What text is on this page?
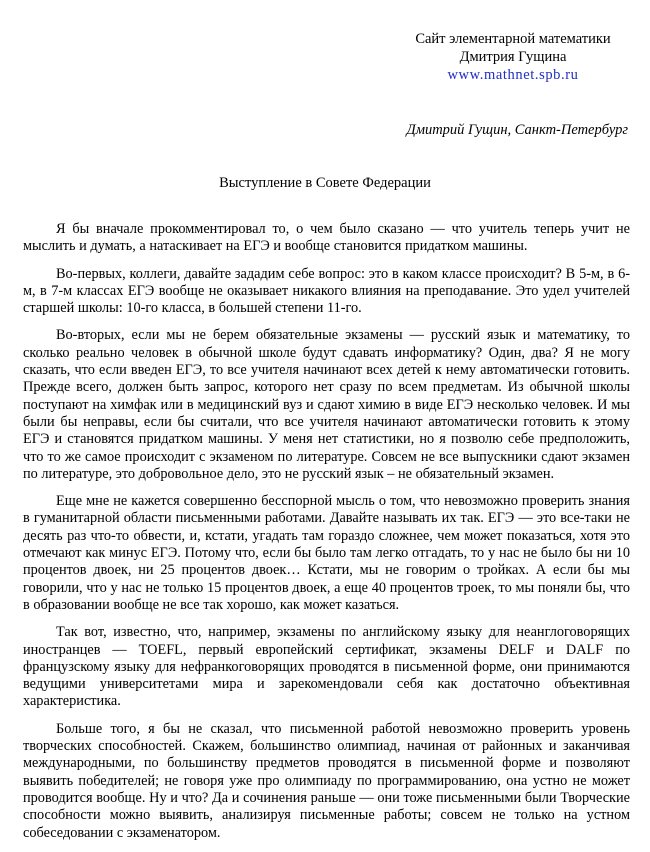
Сайт элементарной математики
Дмитрия Гущина
www.mathnet.spb.ru
Дмитрий Гущин, Санкт-Петербург
Выступление в Совете Федерации

Я бы вначале прокомментировал то, о чем было сказано — что учитель теперь учит не мыслить и думать, а натаскивает на ЕГЭ и вообще становится придатком машины.

Во-первых, коллеги, давайте зададим себе вопрос: это в каком классе происходит? В 5-м, в 6-м, в 7-м классах ЕГЭ вообще не оказывает никакого влияния на преподавание. Это удел учителей старшей школы: 10-го класса, в большей степени 11-го.

Во-вторых, если мы не берем обязательные экзамены — русский язык и математику, то сколько реально человек в обычной школе будут сдавать информатику? Один, два? Я не могу сказать, что если введен ЕГЭ, то все учителя начинают всех детей к нему автоматически готовить. Прежде всего, должен быть запрос, которого нет сразу по всем предметам. Из обычной школы поступают на химфак или в медицинский вуз и сдают химию в виде ЕГЭ несколько человек. И мы были бы неправы, если бы считали, что все учителя начинают автоматически готовить к этому ЕГЭ и становятся придатком машины. У меня нет статистики, но я позволю себе предположить, что то же самое происходит с экзаменом по литературе. Совсем не все выпускники сдают экзамен по литературе, это добровольное дело, это не русский язык – не обязательный экзамен.

Еще мне не кажется совершенно бесспорной мысль о том, что невозможно проверить знания в гуманитарной области письменными работами. Давайте называть их так. ЕГЭ — это все-таки не десять раз что-то обвести, и, кстати, угадать там гораздо сложнее, чем может показаться, хотя это отмечают как минус ЕГЭ. Потому что, если бы было там легко отгадать, то у нас не было бы ни 10 процентов двоек, ни 25 процентов двоек… Кстати, мы не говорим о тройках. А если бы мы говорили, что у нас не только 15 процентов двоек, а еще 40 процентов троек, то мы поняли бы, что в образовании вообще не все так хорошо, как может казаться.

Так вот, известно, что, например, экзамены по английскому языку для неанглоговорящих иностранцев — TOEFL, первый европейский сертификат, экзамены DELF и DALF по французскому языку для нефранкоговорящих проводятся в письменной форме, они принимаются ведущими университетами мира и зарекомендовали себя как достаточно объективная характеристика.

Больше того, я бы не сказал, что письменной работой невозможно проверить уровень творческих способностей. Скажем, большинство олимпиад, начиная от районных и заканчивая международными, по большинству предметов проводятся в письменной форме и позволяют выявить победителей; не говоря уже про олимпиаду по программированию, она устно не может проводится вообще. Ну и что? Да и сочинения раньше — они тоже письменными были Творческие способности можно выявить, анализируя письменные работы; совсем не только на устном собеседовании с экзаменатором.
